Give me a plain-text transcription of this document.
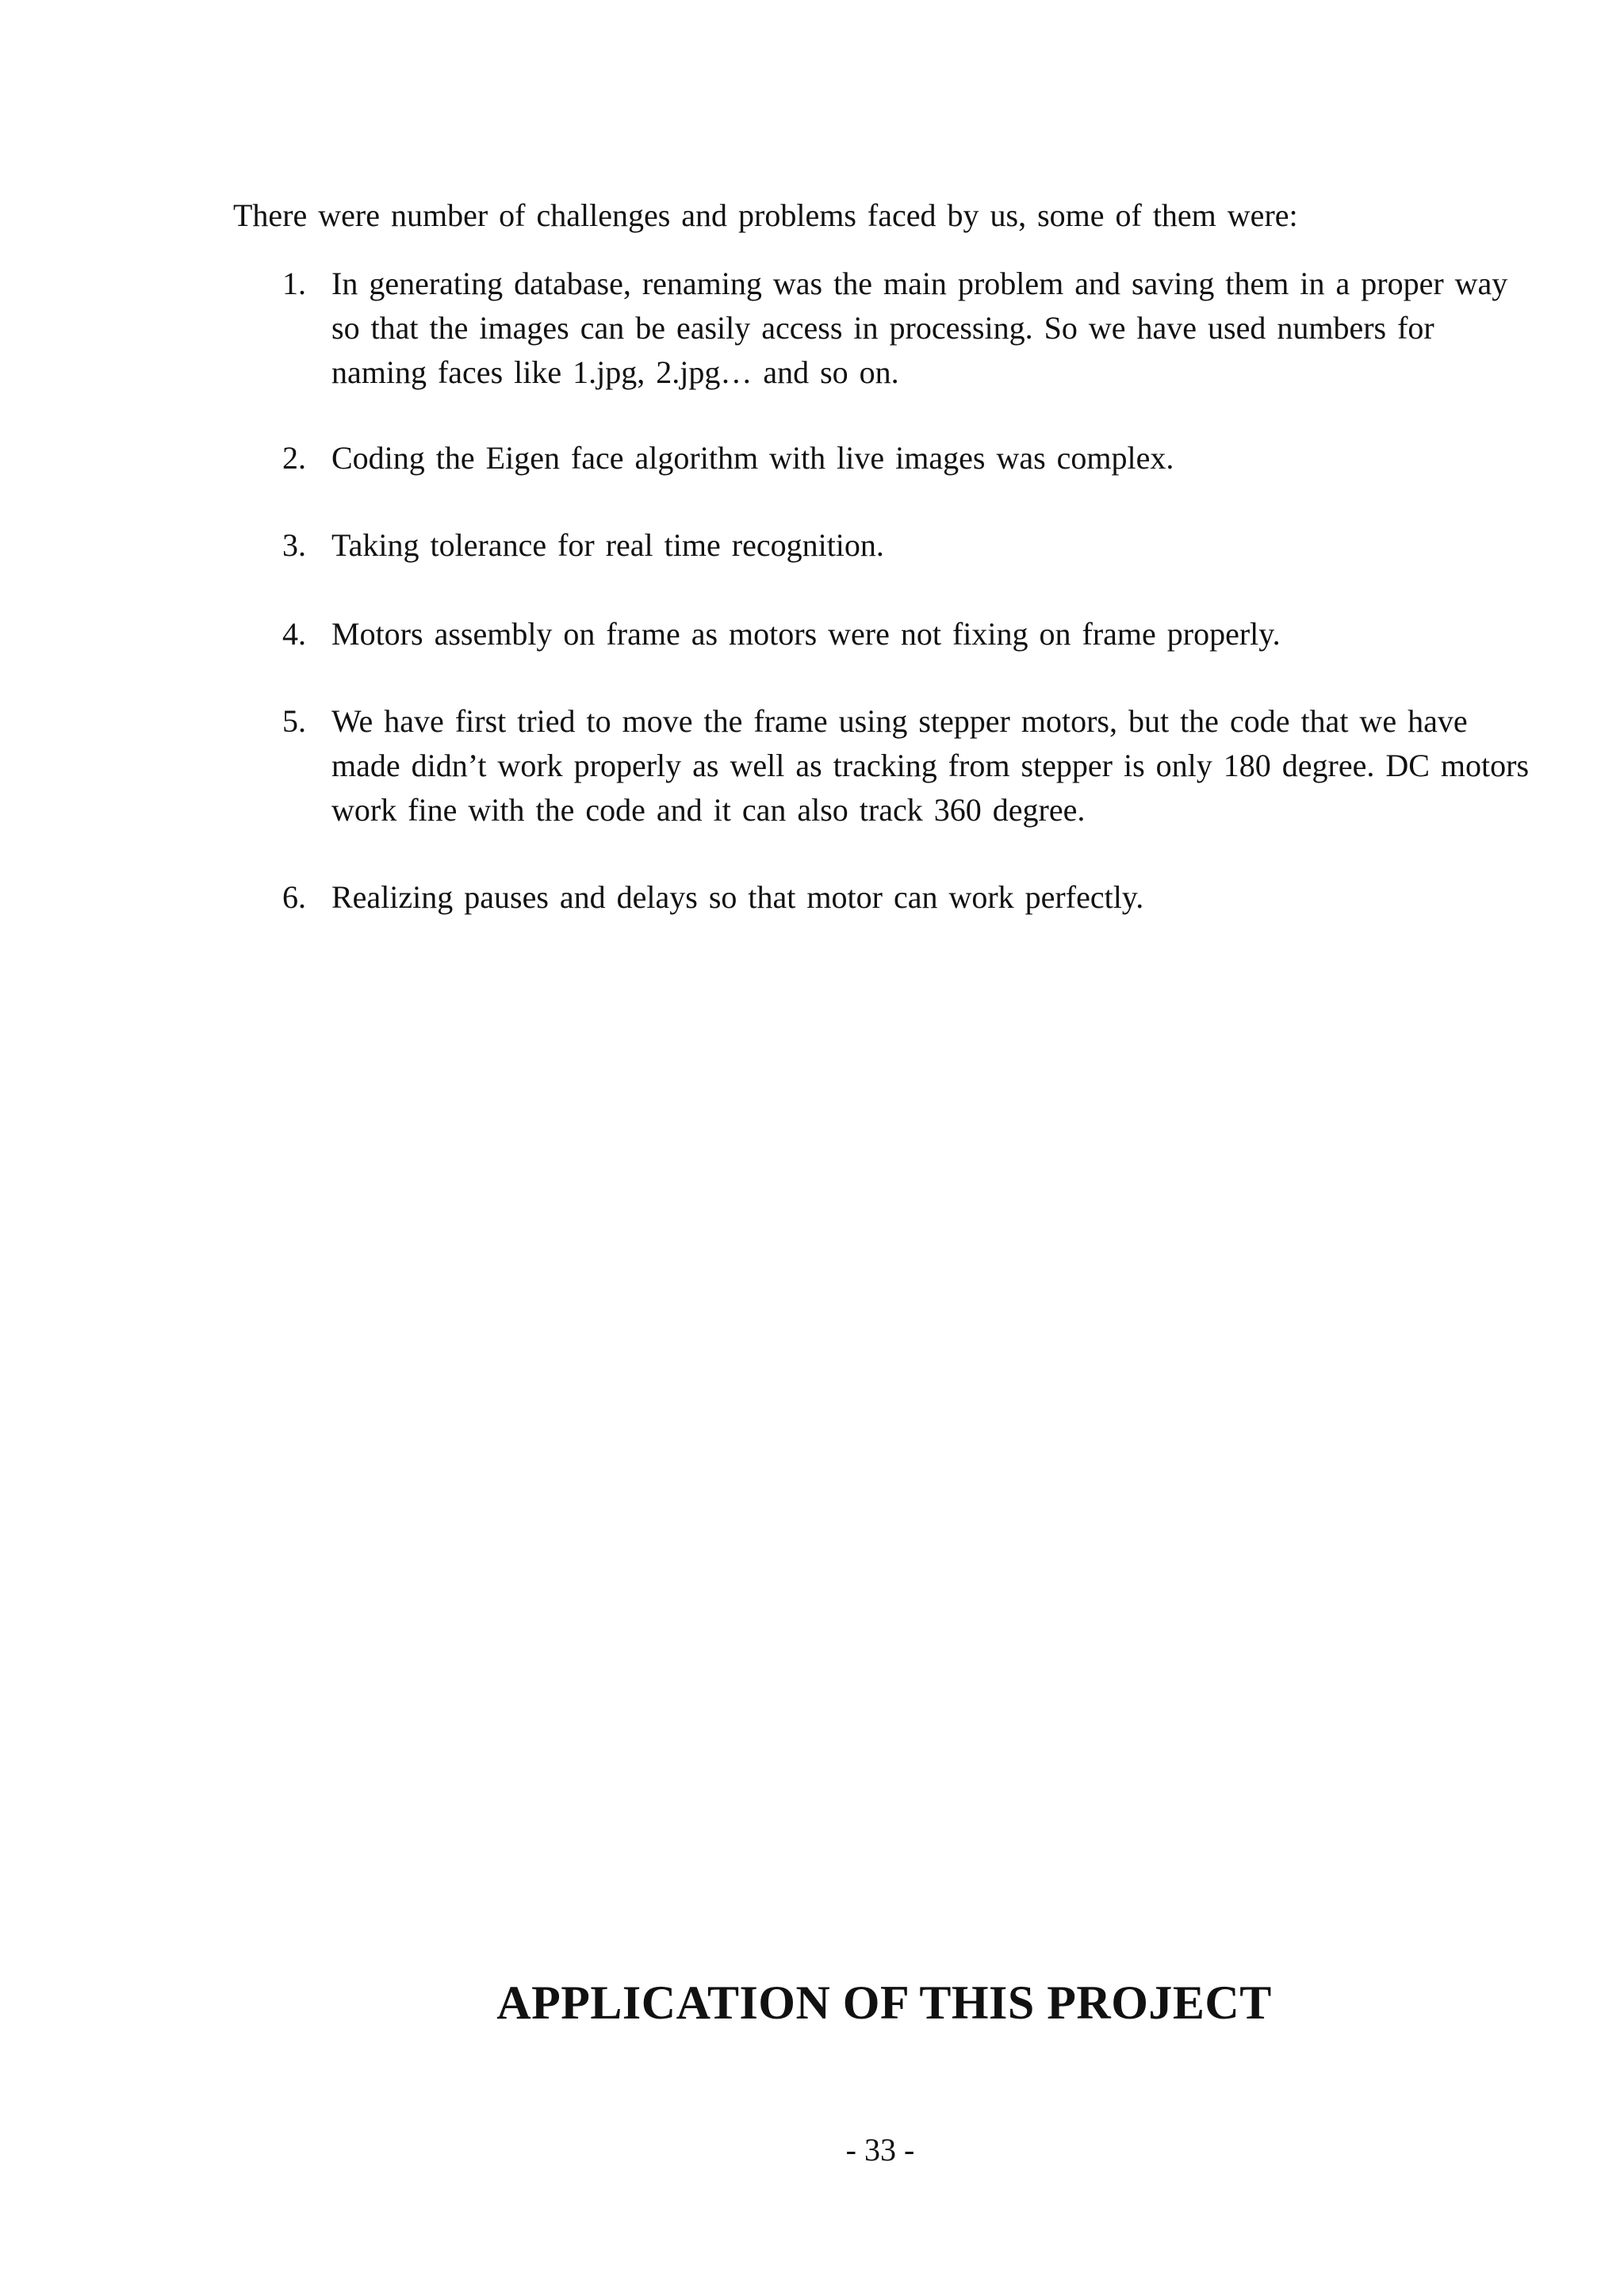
There were number of challenges and problems faced by us, some of them were:

1. In generating database, renaming was the main problem and saving them in a proper way so that the images can be easily access in processing. So we have used numbers for naming faces like 1.jpg, 2.jpg… and so on.
2. Coding the Eigen face algorithm with live images was complex.
3. Taking tolerance for real time recognition.
4. Motors assembly on frame as motors were not fixing on frame properly.
5. We have first tried to move the frame using stepper motors, but the code that we have made didn’t work properly as well as tracking from stepper is only 180 degree. DC motors work fine with the code and it can also track 360 degree.
6. Realizing pauses and delays so that motor can work perfectly.
APPLICATION OF THIS PROJECT

- 33 -
